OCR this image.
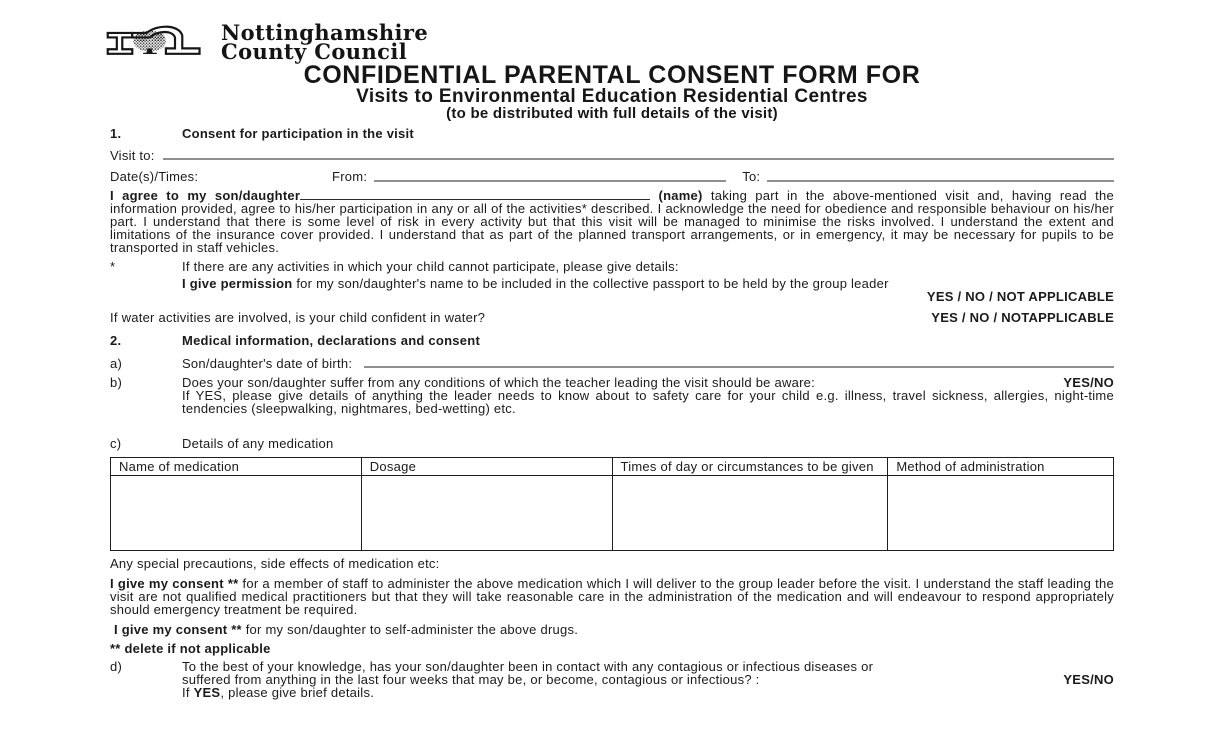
Nottinghamshire
County Council
CONFIDENTIAL PARENTAL CONSENT FORM FOR
Visits to Environmental Education Residential Centres
(to be distributed with full details of the visit)
1.	Consent for participation in the visit
Visit to:
Date(s)/Times:	From:	To:

I agree to my son/daughter	(name) taking part in the above-mentioned visit and, having read the information provided, agree to his/her participation in any or all of the activities* described. I acknowledge the need for obedience and responsible behaviour on his/her part. I understand that there is some level of risk in every activity but that this visit will be managed to minimise the risks involved. I understand the extent and limitations of the insurance cover provided. I understand that as part of the planned transport arrangements, or in emergency, it may be necessary for pupils to be transported in staff vehicles.

*	If there are any activities in which your child cannot participate, please give details:

I give permission for my son/daughter's name to be included in the collective passport to be held by the group leader

YES / NO / NOT APPLICABLE
If water activities are involved, is your child confident in water?	YES / NO / NOTAPPLICABLE
2.	Medical information, declarations and consent
a)	Son/daughter's date of birth:
b)	Does your son/daughter suffer from any conditions of which the teacher leading the visit should be aware:	YES/NO

If YES, please give details of anything the leader needs to know about to safety care for your child e.g. illness, travel sickness, allergies, night-time tendencies (sleepwalking, nightmares, bed-wetting) etc.

c)	Details of any medication
Name of medication	Dosage	Times of day or circumstances to be given	Method of administration

Any special precautions, side effects of medication etc:

I give my consent ** for a member of staff to administer the above medication which I will deliver to the group leader before the visit. I understand the staff leading the visit are not qualified medical practitioners but that they will take reasonable care in the administration of the medication and will endeavour to respond appropriately should emergency treatment be required.

I give my consent ** for my son/daughter to self-administer the above drugs.

** delete if not applicable

d)	To the best of your knowledge, has your son/daughter been in contact with any contagious or infectious diseases or
suffered from anything in the last four weeks that may be, or become, contagious or infectious? :	YES/NO
If YES, please give brief details.
